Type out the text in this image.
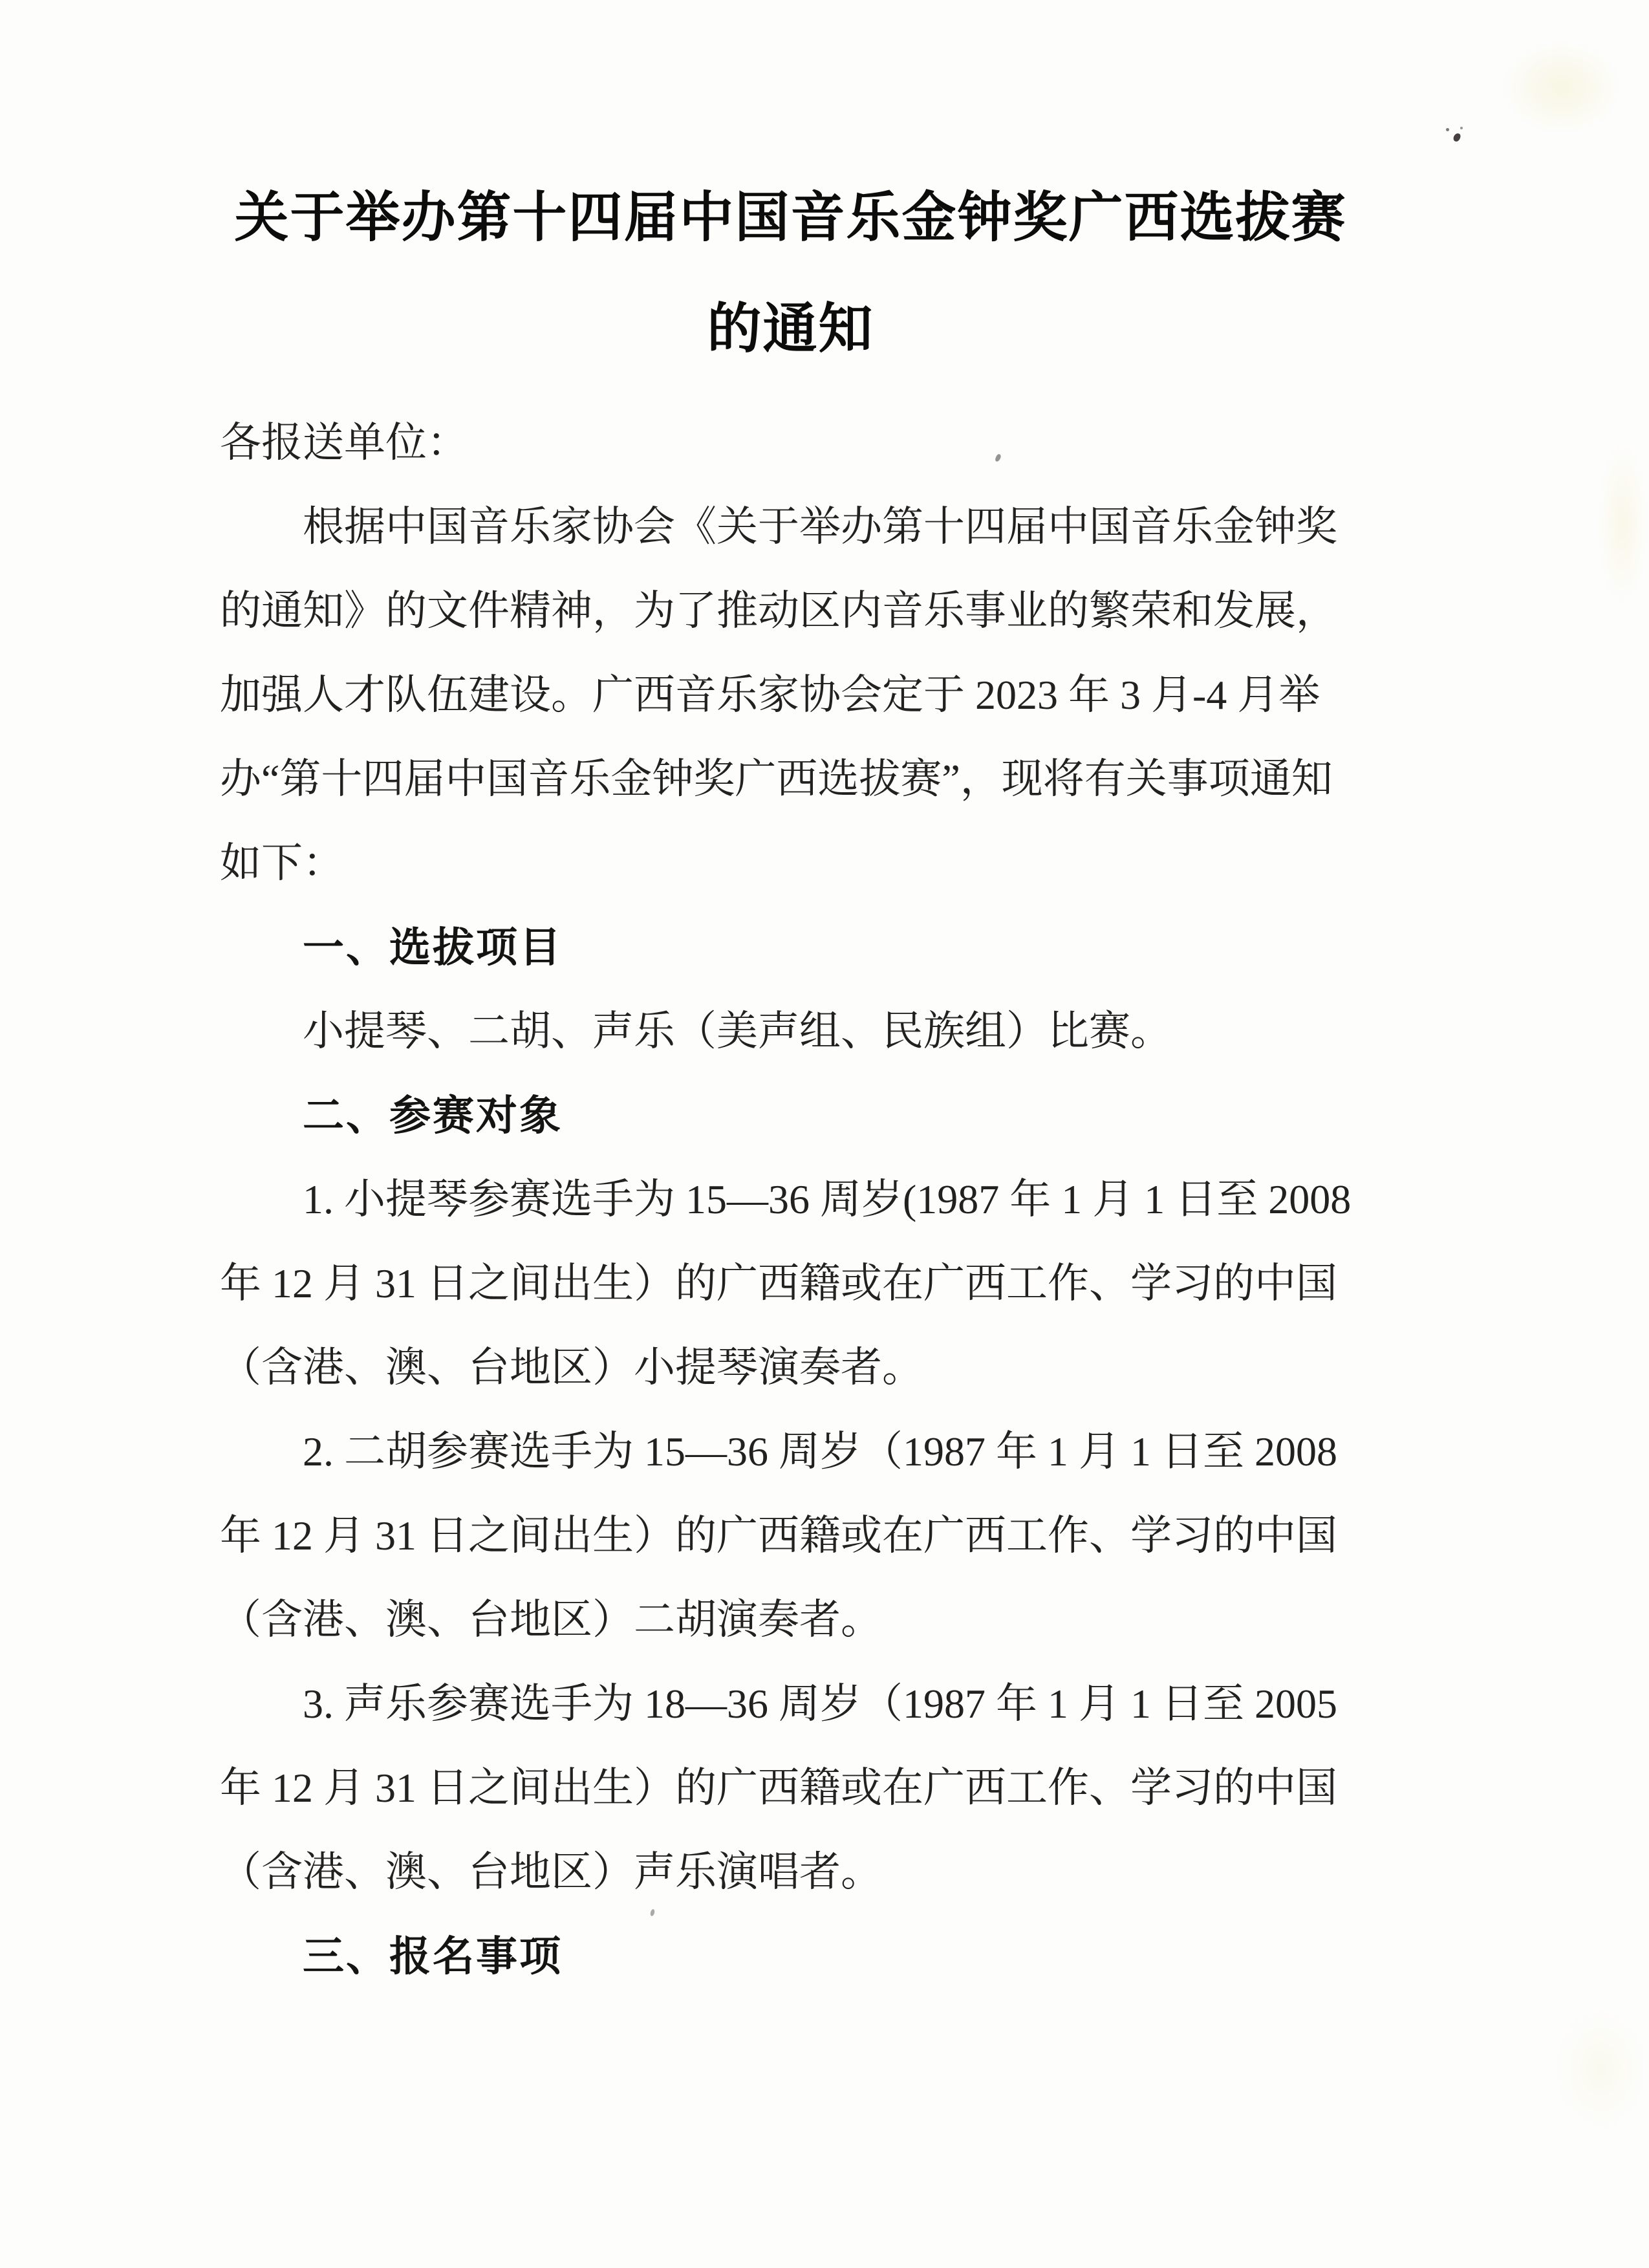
关于举办第十四届中国音乐金钟奖广西选拔赛
的通知
各报送单位：
根据中国音乐家协会《关于举办第十四届中国音乐金钟奖
的通知》的文件精神，为了推动区内音乐事业的繁荣和发展，
加强人才队伍建设。广西音乐家协会定于 2023 年 3 月-4 月举
办“第十四届中国音乐金钟奖广西选拔赛”，现将有关事项通知
如下：
一、选拔项目
小提琴、二胡、声乐（美声组、民族组）比赛。
二、参赛对象
1. 小提琴参赛选手为 15—36 周岁(1987 年 1 月 1 日至 2008
年 12 月 31 日之间出生）的广西籍或在广西工作、学习的中国
（含港、澳、台地区）小提琴演奏者。
2. 二胡参赛选手为 15—36 周岁（1987 年 1 月 1 日至 2008
年 12 月 31 日之间出生）的广西籍或在广西工作、学习的中国
（含港、澳、台地区）二胡演奏者。
3. 声乐参赛选手为 18—36 周岁（1987 年 1 月 1 日至 2005
年 12 月 31 日之间出生）的广西籍或在广西工作、学习的中国
（含港、澳、台地区）声乐演唱者。
三、报名事项
